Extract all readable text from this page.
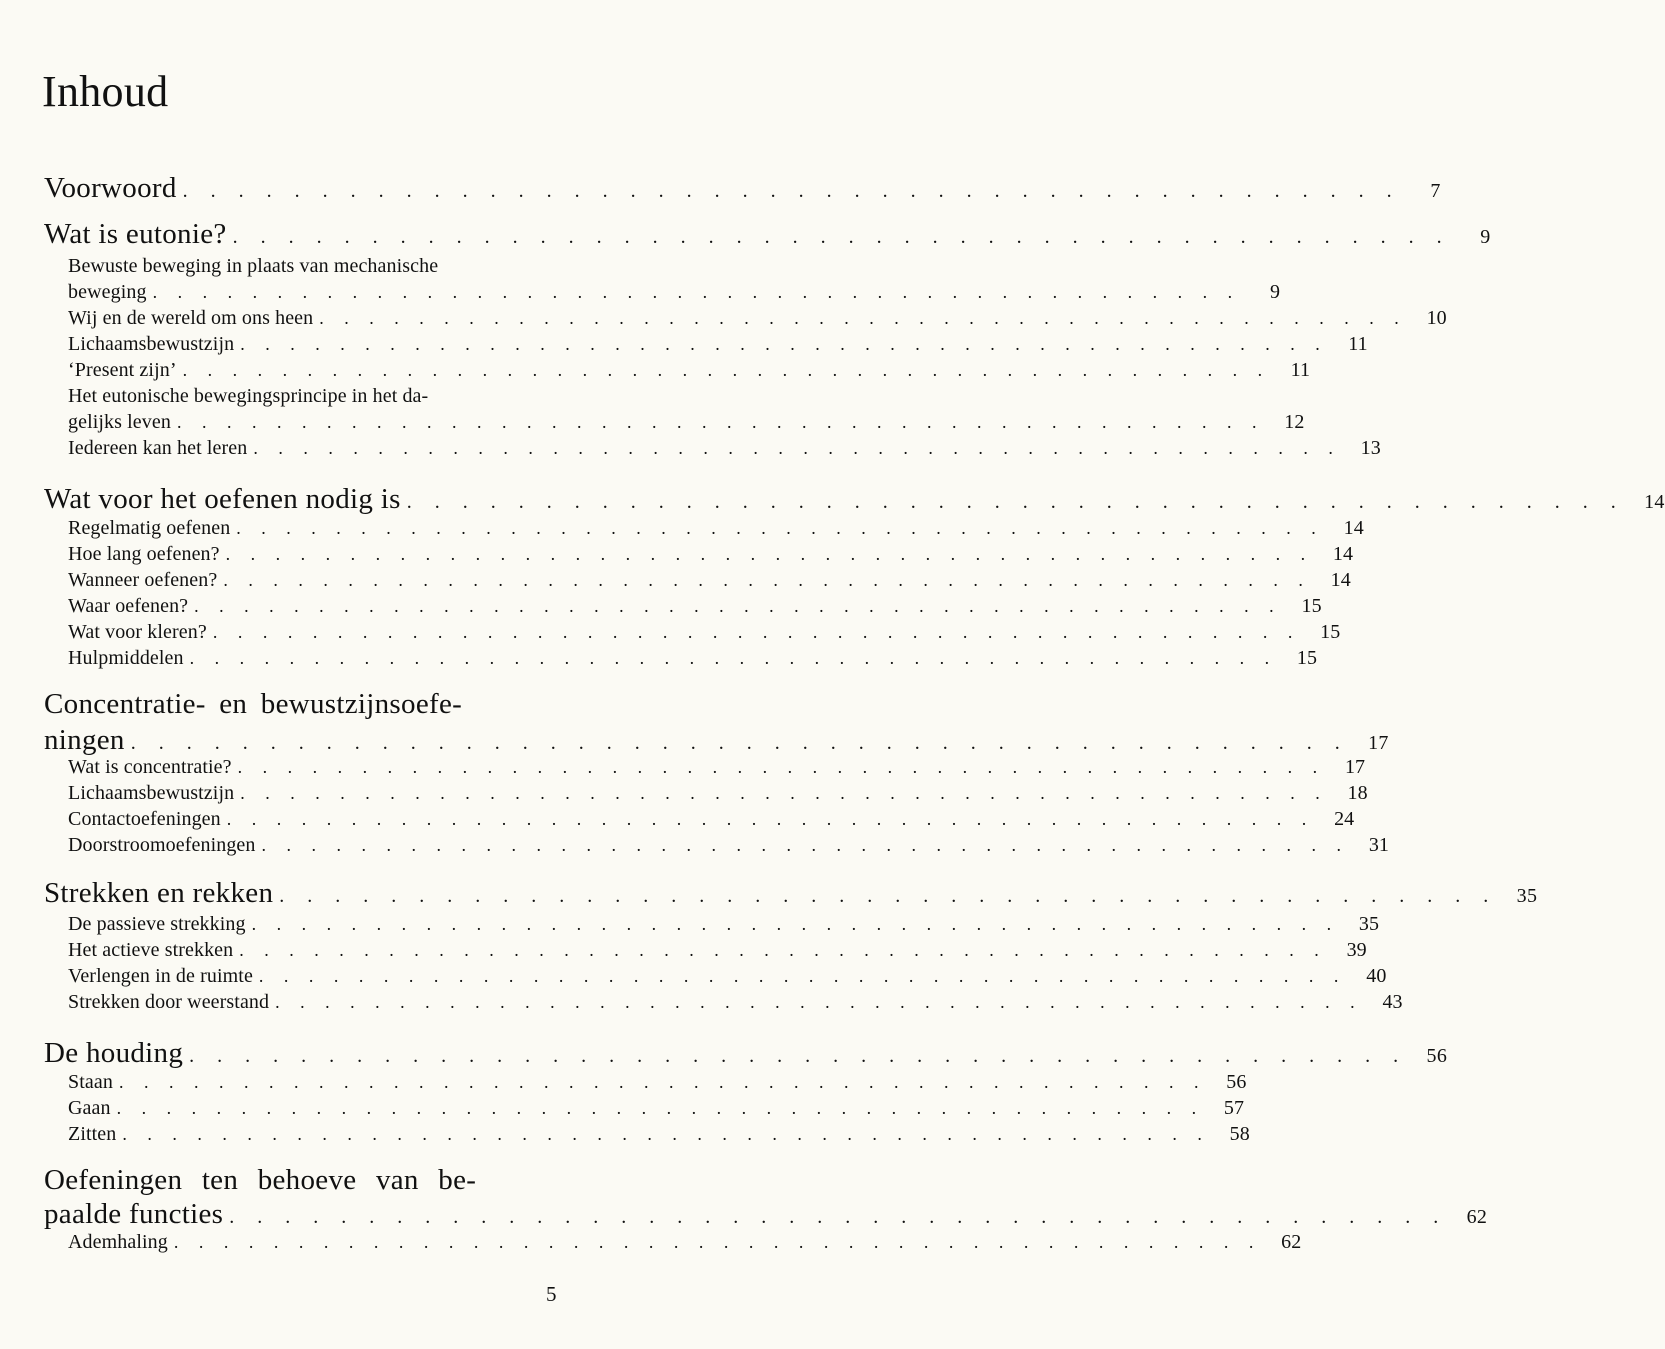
Inhoud
Voorwoord . . . . . . . . . . . . . . . . . . . . . . . . . . . . . . . . . . . . . . . . . . . .	7
Wat is eutonie? . . . . . . . . . . . . . . . . . . . . . . . . . . . . . . . . . . . . . . . . . . . .	9
Bewuste beweging in plaats van mechanische
beweging . . . . . . . . . . . . . . . . . . . . . . . . . . . . . . . . . . . . . . . . . . . .	9
Wij en de wereld om ons heen . . . . . . . . . . . . . . . . . . . . . . . . . . . . . . . . . . . . . . . . . . . . 10
Lichaamsbewustzijn . . . . . . . . . . . . . . . . . . . . . . . . . . . . . . . . . . . . . . . . . . . .	11
‘Present zijn’ . . . . . . . . . . . . . . . . . . . . . . . . . . . . . . . . . . . . . . . . . . . .	11
Het eutonische bewegingsprincipe in het da-
gelijks leven . . . . . . . . . . . . . . . . . . . . . . . . . . . . . . . . . . . . . . . . . . . . 12
Iedereen kan het leren . . . . . . . . . . . . . . . . . . . . . . . . . . . . . . . . . . . . . . . . . . . . 13
Wat voor het oefenen nodig is . . . . . . . . . . . . . . . . . . . . . . . . . . . . . . . . . . . . . . . . . . . . 14
Regelmatig oefenen . . . . . . . . . . . . . . . . . . . . . . . . . . . . . . . . . . . . . . . . . . . . 14
Hoe lang oefenen? . . . . . . . . . . . . . . . . . . . . . . . . . . . . . . . . . . . . . . . . . . . . 14
Wanneer oefenen? . . . . . . . . . . . . . . . . . . . . . . . . . . . . . . . . . . . . . . . . . . . . 14
Waar oefenen? . . . . . . . . . . . . . . . . . . . . . . . . . . . . . . . . . . . . . . . . . . . . 15
Wat voor kleren? . . . . . . . . . . . . . . . . . . . . . . . . . . . . . . . . . . . . . . . . . . . . 15
Hulpmiddelen . . . . . . . . . . . . . . . . . . . . . . . . . . . . . . . . . . . . . . . . . . . . 15
Concentratie- en bewustzijnsoefe-
ningen . . . . . . . . . . . . . . . . . . . . . . . . . . . . . . . . . . . . . . . . . . . . 17
Wat is concentratie? . . . . . . . . . . . . . . . . . . . . . . . . . . . . . . . . . . . . . . . . . . . . 17
Lichaamsbewustzijn . . . . . . . . . . . . . . . . . . . . . . . . . . . . . . . . . . . . . . . . . . . . 18
Contactoefeningen . . . . . . . . . . . . . . . . . . . . . . . . . . . . . . . . . . . . . . . . . . . . 24
Doorstroomoefeningen . . . . . . . . . . . . . . . . . . . . . . . . . . . . . . . . . . . . . . . . . . . . 31
Strekken en rekken . . . . . . . . . . . . . . . . . . . . . . . . . . . . . . . . . . . . . . . . . . . . 35
De passieve strekking . . . . . . . . . . . . . . . . . . . . . . . . . . . . . . . . . . . . . . . . . . . . 35
Het actieve strekken . . . . . . . . . . . . . . . . . . . . . . . . . . . . . . . . . . . . . . . . . . . . 39
Verlengen in de ruimte . . . . . . . . . . . . . . . . . . . . . . . . . . . . . . . . . . . . . . . . . . . . 40
Strekken door weerstand . . . . . . . . . . . . . . . . . . . . . . . . . . . . . . . . . . . . . . . . . . . . 43
De houding . . . . . . . . . . . . . . . . . . . . . . . . . . . . . . . . . . . . . . . . . . . . 56
Staan . . . . . . . . . . . . . . . . . . . . . . . . . . . . . . . . . . . . . . . . . . . . 56
Gaan . . . . . . . . . . . . . . . . . . . . . . . . . . . . . . . . . . . . . . . . . . . . 57
Zitten . . . . . . . . . . . . . . . . . . . . . . . . . . . . . . . . . . . . . . . . . . . . 58
Oefeningen ten behoeve van be-
paalde functies . . . . . . . . . . . . . . . . . . . . . . . . . . . . . . . . . . . . . . . . . . . . 62
Ademhaling . . . . . . . . . . . . . . . . . . . . . . . . . . . . . . . . . . . . . . . . . . . . 62
5
